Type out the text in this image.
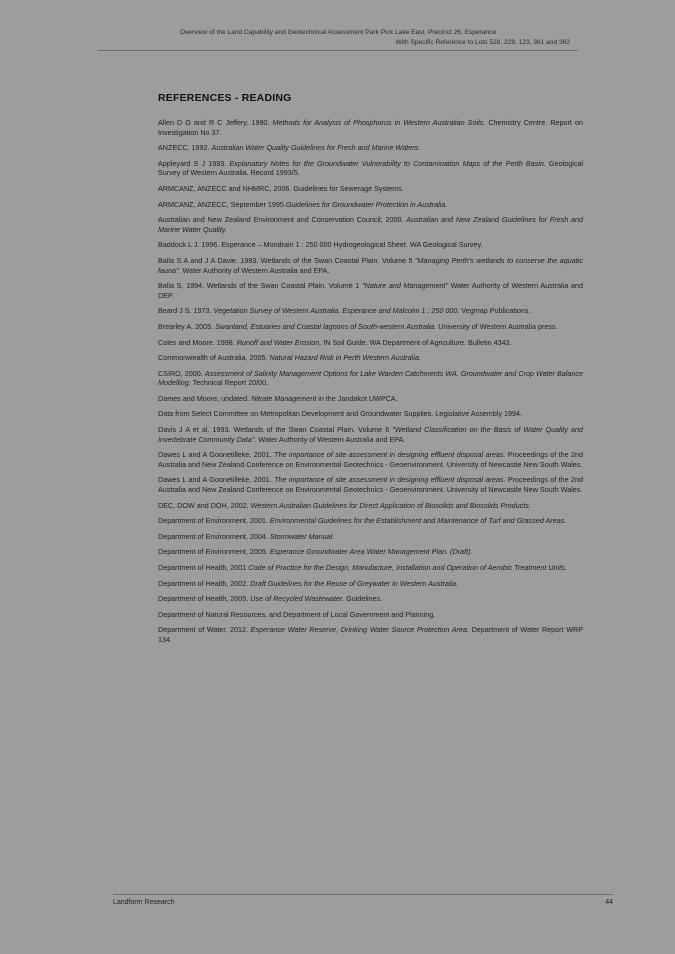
Overview of the Land Capability and Geotechnical Assessment Park Pick Lake East, Precinct 26, Esperance
With Specific Reference to Lots 528, 229, 123, 361 and 362
REFERENCES - READING

Allen D G and R C Jeffery. 1990. Methods for Analysis of Phosphorus in Western Australian Soils. Chemistry Centre. Report on Investigation No 37.

ANZECC, 1992. Australian Water Quality Guidelines for Fresh and Marine Waters.

Appleyard S J 1993. Explanatory Notes for the Groundwater Vulnerability to Contamination Maps of the Perth Basin. Geological Survey of Western Australia. Record 1993/5.

ARMCANZ, ANZECC and NHMRC, 2006. Guidelines for Sewerage Systems.

ARMCANZ, ANZECC, September 1995.Guidelines for Groundwater Protection in Australia.

Australian and New Zealand Environment and Conservation Council, 2000. Australian and New Zealand Guidelines for Fresh and Marine Water Quality.

Baddock L J. 1996. Esperance – Mondrain 1 : 250 000 Hydrogeological Sheet. WA Geological Survey.

Balla S A and J A Davie. 1993. Wetlands of the Swan Coastal Plain. Volume 5 "Managing Perth's wetlands to conserve the aquatic fauna". Water Authority of Western Australia and EPA.

Balla S, 1994. Wetlands of the Swan Coastal Plain. Volume 1 "Nature and Management" Water Authority of Western Australia and DEP.

Beard J S. 1973. Vegetation Survey of Western Australia. Esperance and Malcolm 1 : 250 000. Vegmap Publications.

Brearley A. 2005. Swanland, Estuaries and Coastal lagoons of South-western Australia. University of Western Australia press.

Coles and Moore. 1998. Runoff and Water Erosion, IN Soil Guide. WA Department of Agriculture. Bulletin 4343.

Commonwealth of Australia, 2005, Natural Hazard Risk in Perth Western Australia.

CSIRO, 2000. Assessment of Salinity Management Options for Lake Warden Catchments WA. Groundwater and Crop Water Balance Modelling. Technical Report 20/00.

Dames and Moore, undated. Nitrate Management in the Jandakot UWPCA.

Data from Select Committee on Metropolitan Development and Groundwater Supplies. Legislative Assembly 1994.

Davis J A et al. 1993. Wetlands of the Swan Coastal Plain. Volume 6 "Wetland Classification on the Basis of Water Quality and Invertebrate Community Data". Water Authority of Western Australia and EPA.

Dawes L and A Goonetilleke, 2001, The importance of site assessment in designing effluent disposal areas. Proceedings of the 2nd Australia and New Zealand Conference on Environmental Geotechnics - Geoenvironment. University of Newcastle New South Wales.

Dawes L and A Goonetilleke, 2001. The importance of site assessment in designing effluent disposal areas. Proceedings of the 2nd Australia and New Zealand Conference on Environmental Geotechnics - Geoenvironment. University of Newcastle New South Wales.

DEC, DOW and DOH, 2002, Western Australian Guidelines for Direct Application of Biosolids and Biosolids Products.

Department of Environment, 2001. Environmental Guidelines for the Establishment and Maintenance of Turf and Grassed Areas.

Department of Environment, 2004. Stormwater Manual.

Department of Environment, 2005. Esperance Groundwater Area Water Management Plan. (Draft).

Department of Health, 2001 Code of Practice for the Design, Manufacture, Installation and Operation of Aerobic Treatment Units.

Department of Health, 2002. Draft Guidelines for the Reuse of Greywater in Western Australia.

Department of Health, 2005. Use of Recycled Wastewater. Guidelines.

Department of Natural Resources, and Department of Local Government and Planning.

Department of Water, 2012. Esperance Water Reserve, Drinking Water Source Protection Area. Department of Water Report WRP 134.

Landform Research	44
